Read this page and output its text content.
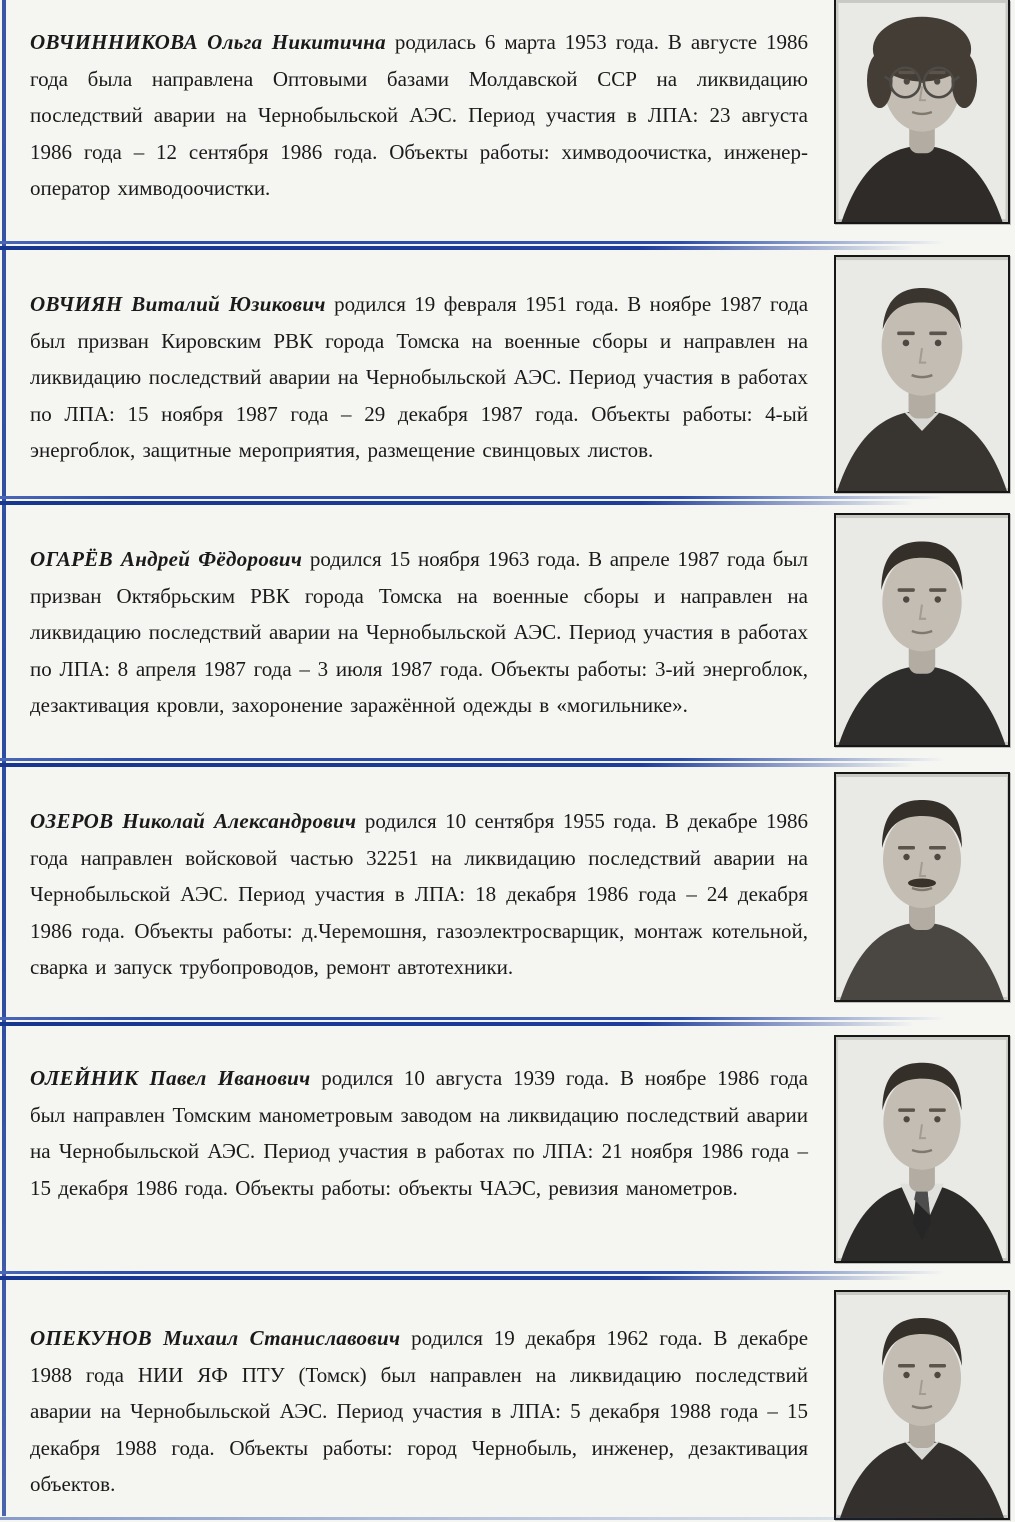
ОВЧИННИКОВА Ольга Никитична родилась 6 марта 1953 года. В августе 1986 года была направлена Оптовыми базами Молдавской ССР на ликвидацию последствий аварии на Чернобыльской АЭС. Период участия в ЛПА: 23 августа 1986 года – 12 сентября 1986 года. Объекты работы: химводоочистка, инженер-оператор химводоочистки.

ОВЧИЯН Виталий Юзикович родился 19 февраля 1951 года. В ноябре 1987 года был призван Кировским РВК города Томска на военные сборы и направлен на ликвидацию последствий аварии на Чернобыльской АЭС. Период участия в работах по ЛПА: 15 ноября 1987 года – 29 декабря 1987 года. Объекты работы: 4-ый энергоблок, защитные мероприятия, размещение свинцовых листов.

ОГАРЁВ Андрей Фёдорович родился 15 ноября 1963 года. В апреле 1987 года был призван Октябрьским РВК города Томска на военные сборы и направлен на ликвидацию последствий аварии на Чернобыльской АЭС. Период участия в работах по ЛПА: 8 апреля 1987 года – 3 июля 1987 года. Объекты работы: 3-ий энергоблок, дезактивация кровли, захоронение заражённой одежды в «могильнике».

ОЗЕРОВ Николай Александрович родился 10 сентября 1955 года. В декабре 1986 года направлен войсковой частью 32251 на ликвидацию последствий аварии на Чернобыльской АЭС. Период участия в ЛПА: 18 декабря 1986 года – 24 декабря 1986 года. Объекты работы: д.Черемошня, газоэлектросварщик, монтаж котельной, сварка и запуск трубопроводов, ремонт автотехники.

ОЛЕЙНИК Павел Иванович родился 10 августа 1939 года. В ноябре 1986 года был направлен Томским манометровым заводом на ликвидацию последствий аварии на Чернобыльской АЭС. Период участия в работах по ЛПА: 21 ноября 1986 года – 15 декабря 1986 года. Объекты работы: объекты ЧАЭС, ревизия манометров.

ОПЕКУНОВ Михаил Станиславович родился 19 декабря 1962 года. В декабре 1988 года НИИ ЯФ ПТУ (Томск) был направлен на ликвидацию последствий аварии на Чернобыльской АЭС. Период участия в ЛПА: 5 декабря 1988 года – 15 декабря 1988 года. Объекты работы: город Чернобыль, инженер, дезактивация объектов.
